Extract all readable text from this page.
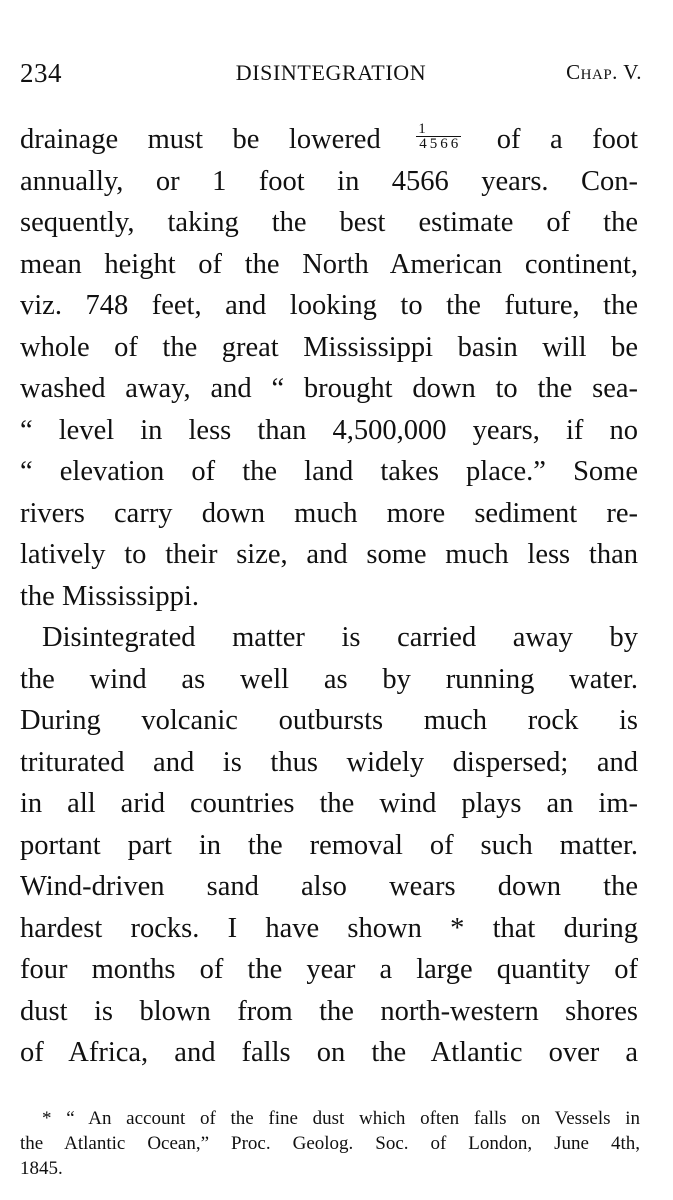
234	DISINTEGRATION	Chap. V.
drainage must be lowered $\frac{1}{4566}$ of a foot
annually, or 1 foot in 4566 years. Con-
sequently, taking the best estimate of the
mean height of the North American continent,
viz. 748 feet, and looking to the future, the
whole of the great Mississippi basin will be
washed away, and “ brought down to the sea-
“ level in less than 4,500,000 years, if no
“ elevation of the land takes place.” Some
rivers carry down much more sediment re-
latively to their size, and some much less than
the Mississippi.
Disintegrated matter is carried away by
the wind as well as by running water.
During volcanic outbursts much rock is
triturated and is thus widely dispersed; and
in all arid countries the wind plays an im-
portant part in the removal of such matter.
Wind-driven sand also wears down the
hardest rocks. I have shown * that during
four months of the year a large quantity of
dust is blown from the north-western shores
of Africa, and falls on the Atlantic over a
* “ An account of the fine dust which often falls on Vessels in
the Atlantic Ocean,” Proc. Geolog. Soc. of London, June 4th,
1845.
